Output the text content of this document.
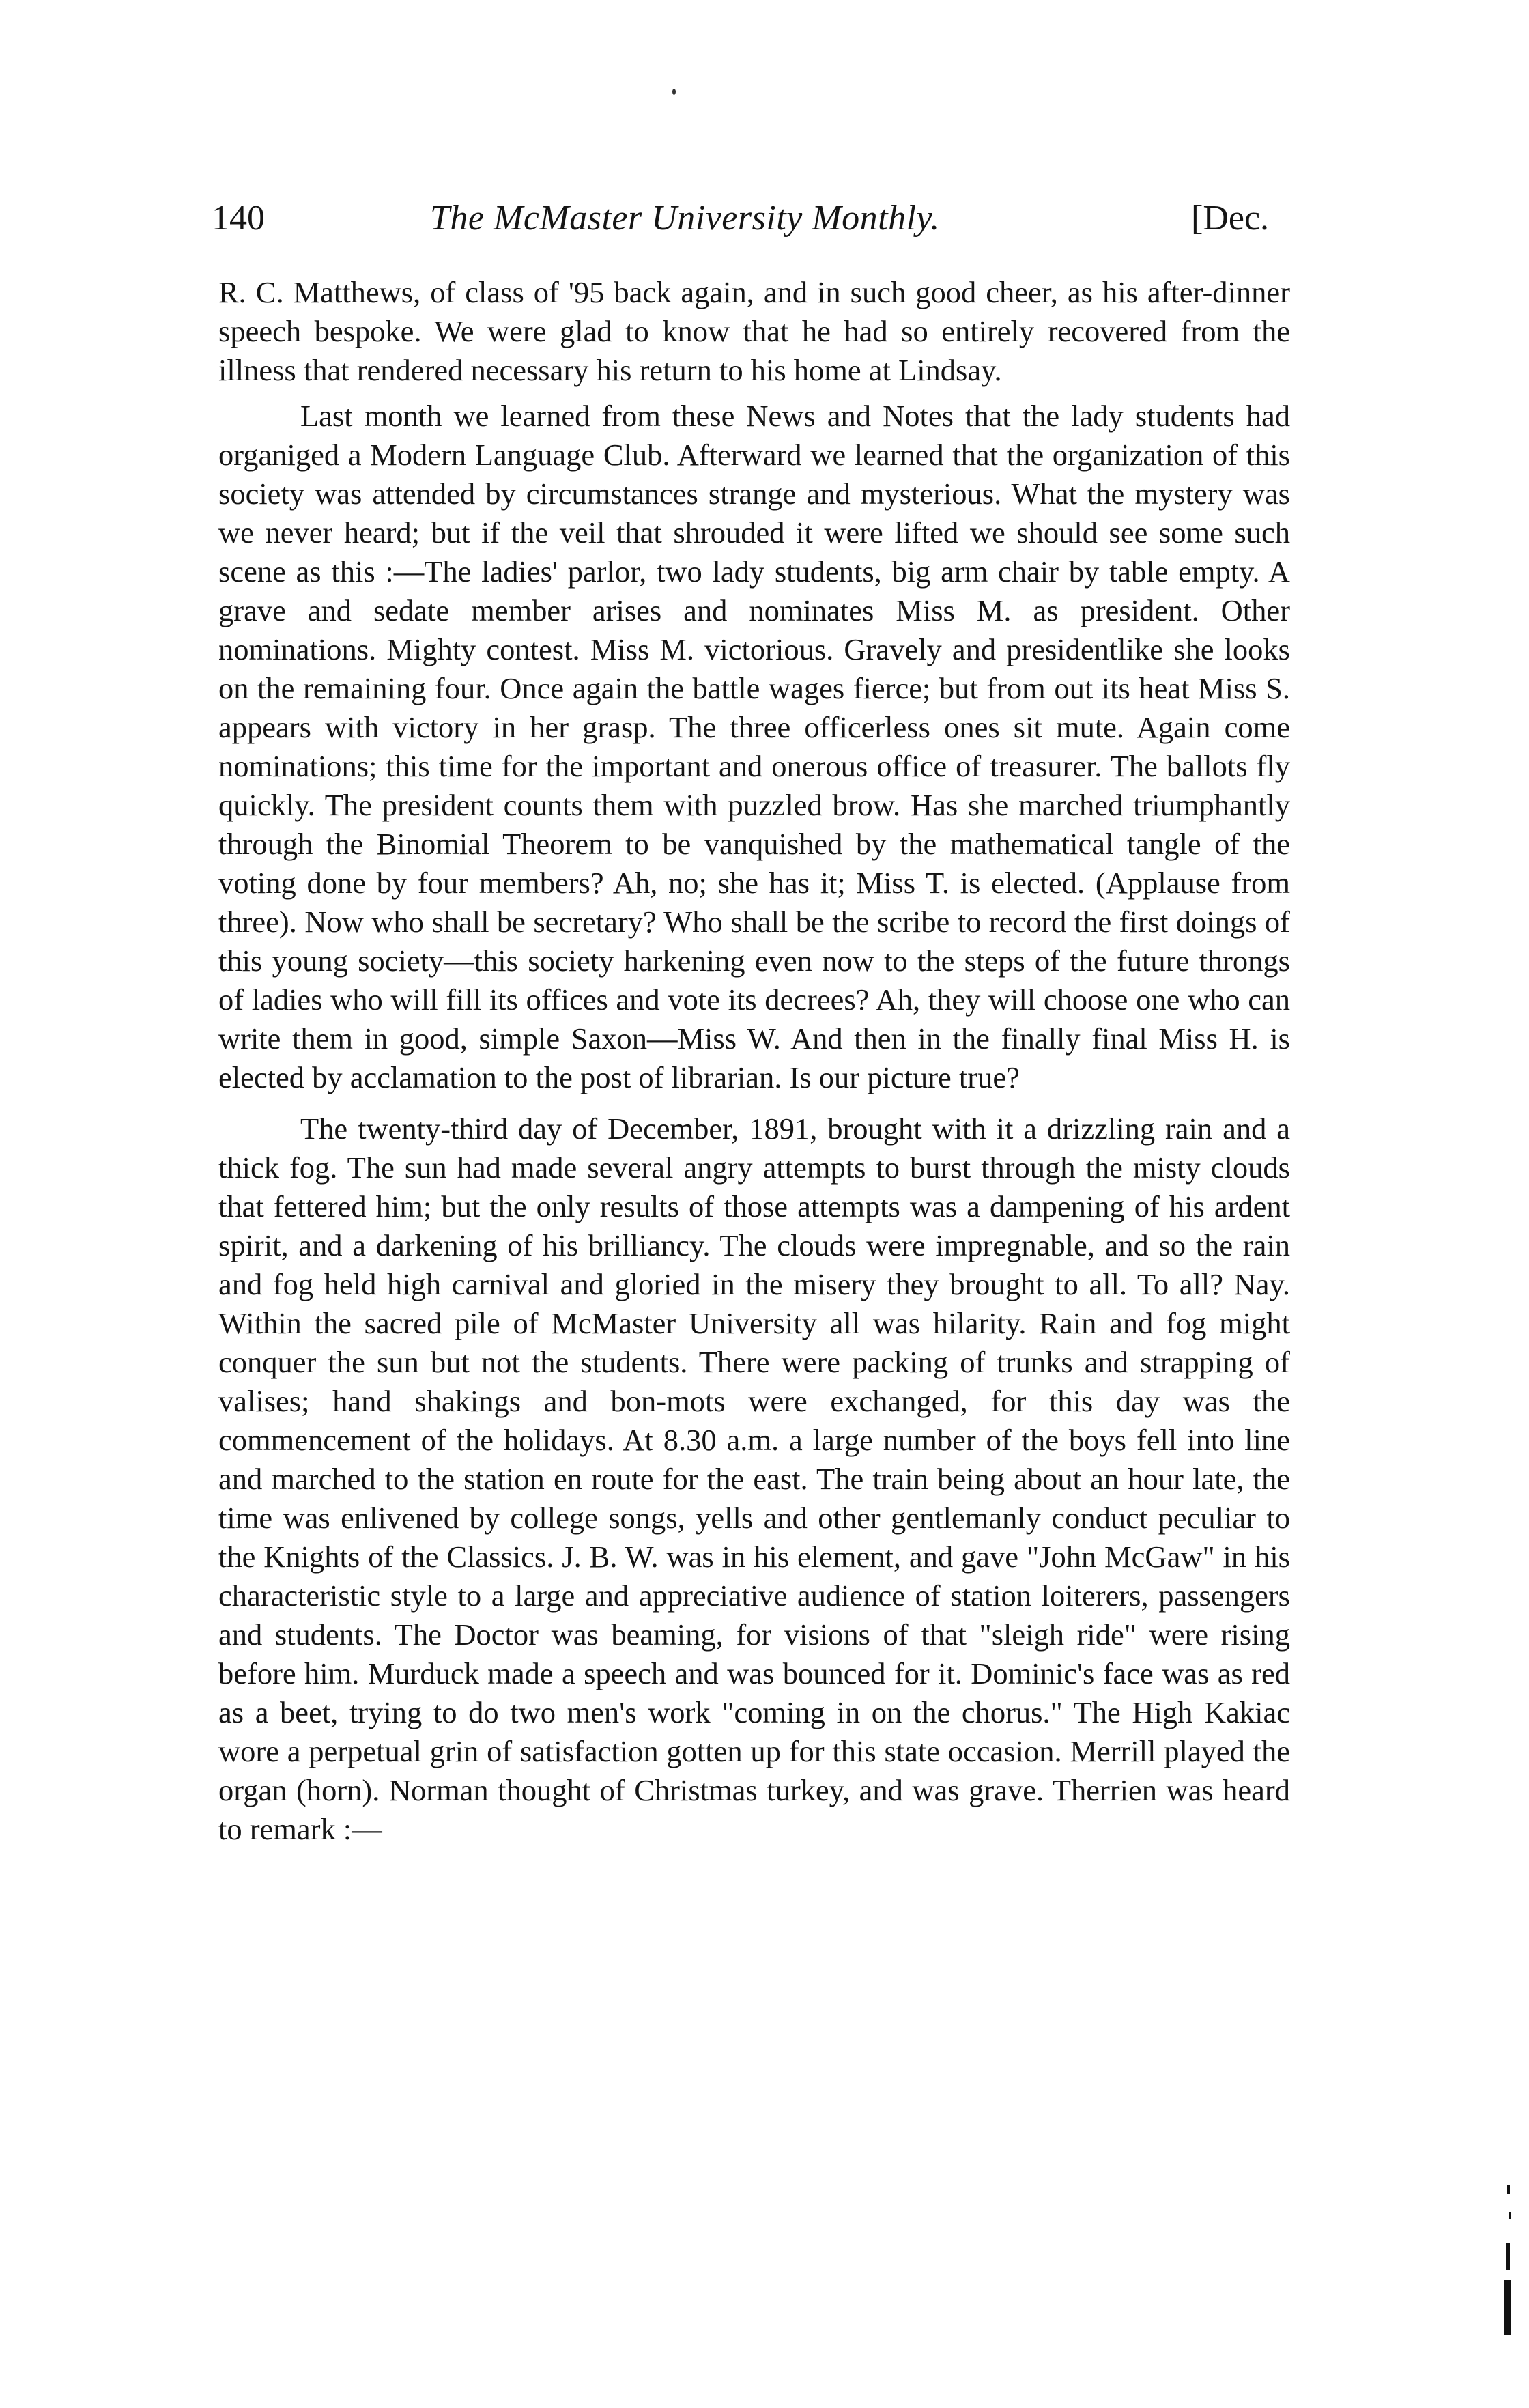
140	The McMaster University Monthly.	[Dec.

R. C. Matthews, of class of '95 back again, and in such good cheer, as his after-dinner speech bespoke. We were glad to know that he had so entirely recovered from the illness that rendered necessary his return to his home at Lindsay.

Last month we learned from these News and Notes that the lady students had organiged a Modern Language Club. Afterward we learned that the organization of this society was attended by circumstances strange and mysterious. What the mystery was we never heard; but if the veil that shrouded it were lifted we should see some such scene as this :—The ladies' parlor, two lady students, big arm chair by table empty. A grave and sedate member arises and nominates Miss M. as president. Other nominations. Mighty contest. Miss M. victorious. Gravely and presidentlike she looks on the remaining four. Once again the battle wages fierce; but from out its heat Miss S. appears with victory in her grasp. The three officerless ones sit mute. Again come nominations; this time for the important and onerous office of treasurer. The ballots fly quickly. The president counts them with puzzled brow. Has she marched triumphantly through the Binomial Theorem to be vanquished by the mathematical tangle of the voting done by four members? Ah, no; she has it; Miss T. is elected. (Applause from three). Now who shall be secretary? Who shall be the scribe to record the first doings of this young society—this society harkening even now to the steps of the future throngs of ladies who will fill its offices and vote its decrees? Ah, they will choose one who can write them in good, simple Saxon—Miss W. And then in the finally final Miss H. is elected by acclamation to the post of librarian. Is our picture true?

The twenty-third day of December, 1891, brought with it a drizzling rain and a thick fog. The sun had made several angry attempts to burst through the misty clouds that fettered him; but the only results of those attempts was a dampening of his ardent spirit, and a darkening of his brilliancy. The clouds were impregnable, and so the rain and fog held high carnival and gloried in the misery they brought to all. To all? Nay. Within the sacred pile of McMaster University all was hilarity. Rain and fog might conquer the sun but not the students. There were packing of trunks and strapping of valises; hand shakings and bon-mots were exchanged, for this day was the commencement of the holidays. At 8.30 a.m. a large number of the boys fell into line and marched to the station en route for the east. The train being about an hour late, the time was enlivened by college songs, yells and other gentlemanly conduct peculiar to the Knights of the Classics. J. B. W. was in his element, and gave "John McGaw" in his characteristic style to a large and appreciative audience of station loiterers, passengers and students. The Doctor was beaming, for visions of that "sleigh ride" were rising before him. Murduck made a speech and was bounced for it. Dominic's face was as red as a beet, trying to do two men's work "coming in on the chorus." The High Kakiac wore a perpetual grin of satisfaction gotten up for this state occasion. Merrill played the organ (horn). Norman thought of Christmas turkey, and was grave. Therrien was heard to remark :—
